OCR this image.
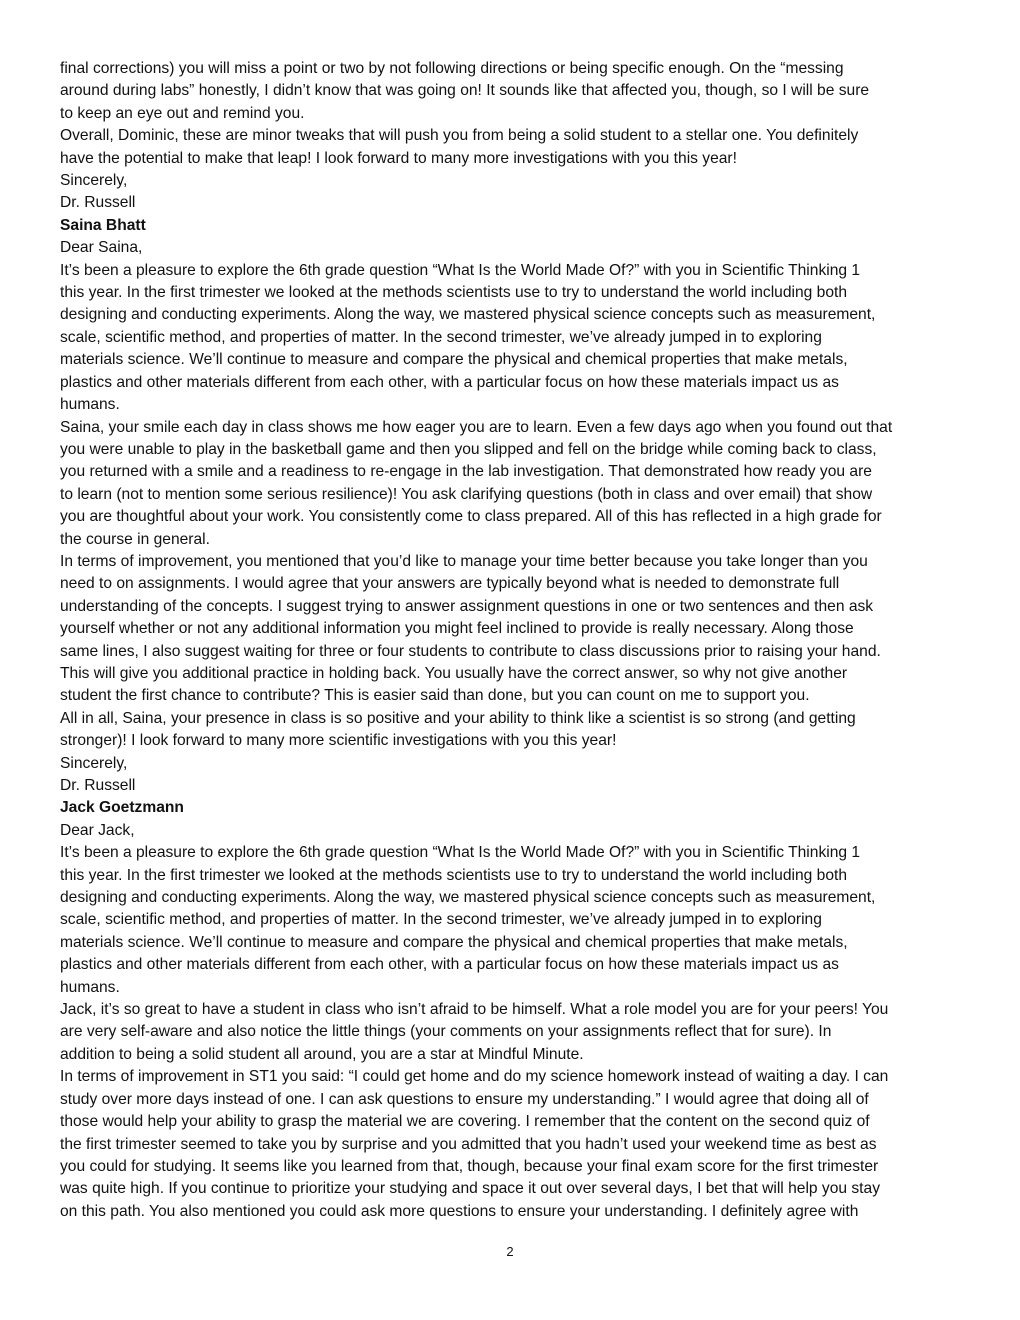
final corrections) you will miss a point or two by not following directions or being specific enough. On the “messing
around during labs” honestly, I didn’t know that was going on! It sounds like that affected you, though, so I will be sure
to keep an eye out and remind you.

Overall, Dominic, these are minor tweaks that will push you from being a solid student to a stellar one. You definitely
have the potential to make that leap! I look forward to many more investigations with you this year!

Sincerely,

Dr. Russell

Saina Bhatt

Dear Saina,

It’s been a pleasure to explore the 6th grade question “What Is the World Made Of?” with you in Scientific Thinking 1
this year. In the first trimester we looked at the methods scientists use to try to understand the world including both
designing and conducting experiments. Along the way, we mastered physical science concepts such as measurement,
scale, scientific method, and properties of matter. In the second trimester, we’ve already jumped in to exploring
materials science. We’ll continue to measure and compare the physical and chemical properties that make metals,
plastics and other materials different from each other, with a particular focus on how these materials impact us as
humans.

Saina, your smile each day in class shows me how eager you are to learn. Even a few days ago when you found out that
you were unable to play in the basketball game and then you slipped and fell on the bridge while coming back to class,
you returned with a smile and a readiness to re-engage in the lab investigation. That demonstrated how ready you are
to learn (not to mention some serious resilience)! You ask clarifying questions (both in class and over email) that show
you are thoughtful about your work. You consistently come to class prepared. All of this has reflected in a high grade for
the course in general.

In terms of improvement, you mentioned that you’d like to manage your time better because you take longer than you
need to on assignments. I would agree that your answers are typically beyond what is needed to demonstrate full
understanding of the concepts. I suggest trying to answer assignment questions in one or two sentences and then ask
yourself whether or not any additional information you might feel inclined to provide is really necessary. Along those
same lines, I also suggest waiting for three or four students to contribute to class discussions prior to raising your hand.
This will give you additional practice in holding back. You usually have the correct answer, so why not give another
student the first chance to contribute? This is easier said than done, but you can count on me to support you.

All in all, Saina, your presence in class is so positive and your ability to think like a scientist is so strong (and getting
stronger)! I look forward to many more scientific investigations with you this year!

Sincerely,

Dr. Russell

Jack Goetzmann

Dear Jack,

It’s been a pleasure to explore the 6th grade question “What Is the World Made Of?” with you in Scientific Thinking 1
this year. In the first trimester we looked at the methods scientists use to try to understand the world including both
designing and conducting experiments. Along the way, we mastered physical science concepts such as measurement,
scale, scientific method, and properties of matter. In the second trimester, we’ve already jumped in to exploring
materials science. We’ll continue to measure and compare the physical and chemical properties that make metals,
plastics and other materials different from each other, with a particular focus on how these materials impact us as
humans.

Jack, it’s so great to have a student in class who isn’t afraid to be himself. What a role model you are for your peers! You
are very self-aware and also notice the little things (your comments on your assignments reflect that for sure). In
addition to being a solid student all around, you are a star at Mindful Minute.

In terms of improvement in ST1 you said: “I could get home and do my science homework instead of waiting a day. I can
study over more days instead of one. I can ask questions to ensure my understanding.” I would agree that doing all of
those would help your ability to grasp the material we are covering. I remember that the content on the second quiz of
the first trimester seemed to take you by surprise and you admitted that you hadn’t used your weekend time as best as
you could for studying. It seems like you learned from that, though, because your final exam score for the first trimester
was quite high. If you continue to prioritize your studying and space it out over several days, I bet that will help you stay
on this path. You also mentioned you could ask more questions to ensure your understanding. I definitely agree with

2
